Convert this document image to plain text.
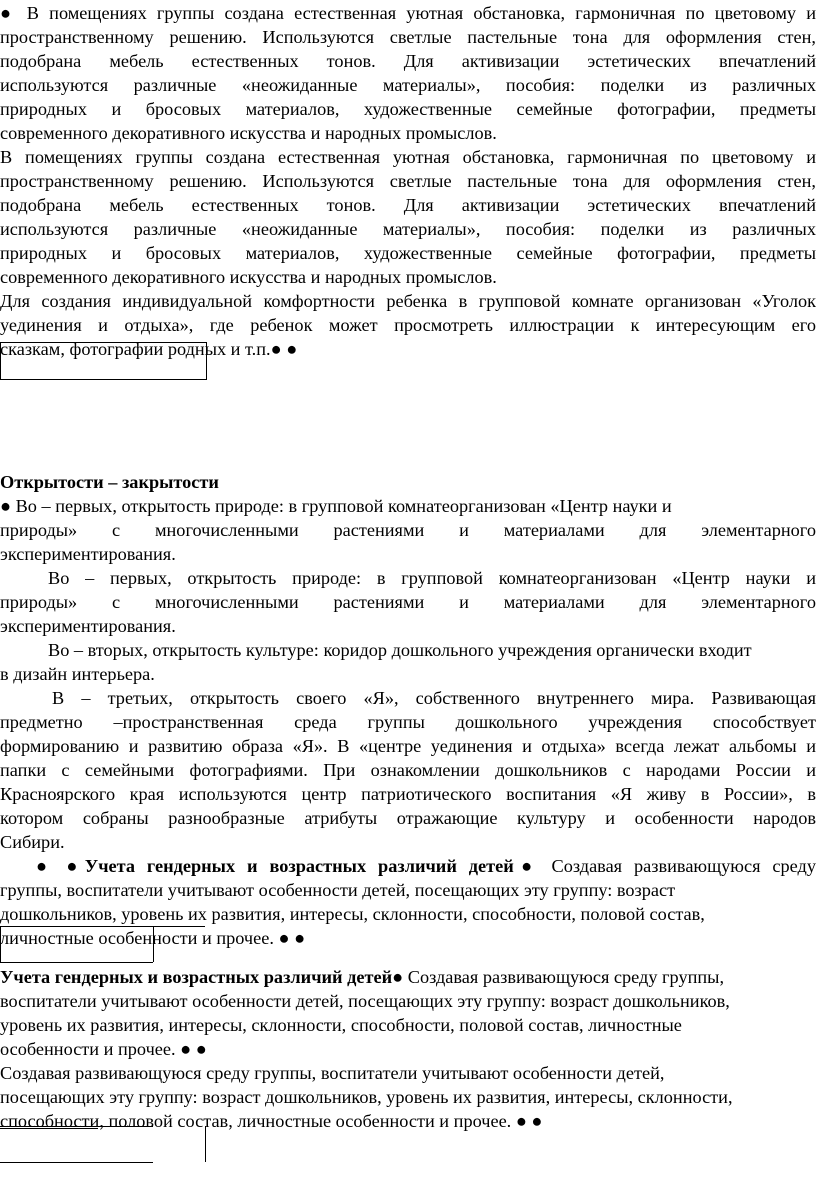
● В помещениях группы создана естественная уютная обстановка, гармоничная по цветовому и
пространственному решению. Используются светлые пастельные тона для оформления стен,
подобрана мебель естественных тонов. Для активизации эстетических впечатлений
используются различные «неожиданные материалы», пособия: поделки из различных
природных и бросовых материалов, художественные семейные фотографии, предметы
современного декоративного искусства и народных промыслов.
В помещениях группы создана естественная уютная обстановка, гармоничная по цветовому и
пространственному решению. Используются светлые пастельные тона для оформления стен,
подобрана мебель естественных тонов. Для активизации эстетических впечатлений
используются различные «неожиданные материалы», пособия: поделки из различных
природных и бросовых материалов, художественные семейные фотографии, предметы
современного декоративного искусства и народных промыслов.
Для создания индивидуальной комфортности ребенка в групповой комнате организован «Уголок
уединения и отдыха», где ребенок может просмотреть иллюстрации к интересующим его
сказкам, фотографии родных и т.п.● ●
Открытости – закрытости
● Во – первых, открытость природе: в групповой комнатеорганизован «Центр науки и
природы» с многочисленными растениями и материалами для элементарного
экспериментирования.
Во – первых, открытость природе: в групповой комнатеорганизован «Центр науки и
природы» с многочисленными растениями и материалами для элементарного
экспериментирования.
Во – вторых, открытость культуре: коридор дошкольного учреждения органически входит
в дизайн интерьера.
В – третьих, открытость своего «Я», собственного внутреннего мира. Развивающая
предметно –пространственная среда группы дошкольного учреждения способствует
формированию и развитию образа «Я». В «центре уединения и отдыха» всегда лежат альбомы и
папки с семейными фотографиями. При ознакомлении дошкольников с народами России и
Красноярского края используются центр патриотического воспитания «Я живу в России», в
котором собраны разнообразные атрибуты отражающие культуру и особенности народов
Сибири.
● ●Учета гендерных и возрастных различий детей● Создавая развивающуюся среду
группы, воспитатели учитывают особенности детей, посещающих эту группу: возраст
дошкольников, уровень их развития, интересы, склонности, способности, половой состав,
личностные особенности и прочее. ● ●
Учета гендерных и возрастных различий детей● Создавая развивающуюся среду группы,
воспитатели учитывают особенности детей, посещающих эту группу: возраст дошкольников,
уровень их развития, интересы, склонности, способности, половой состав, личностные
особенности и прочее. ● ●
Создавая развивающуюся среду группы, воспитатели учитывают особенности детей,
посещающих эту группу: возраст дошкольников, уровень их развития, интересы, склонности,
способности, половой состав, личностные особенности и прочее. ● ●
